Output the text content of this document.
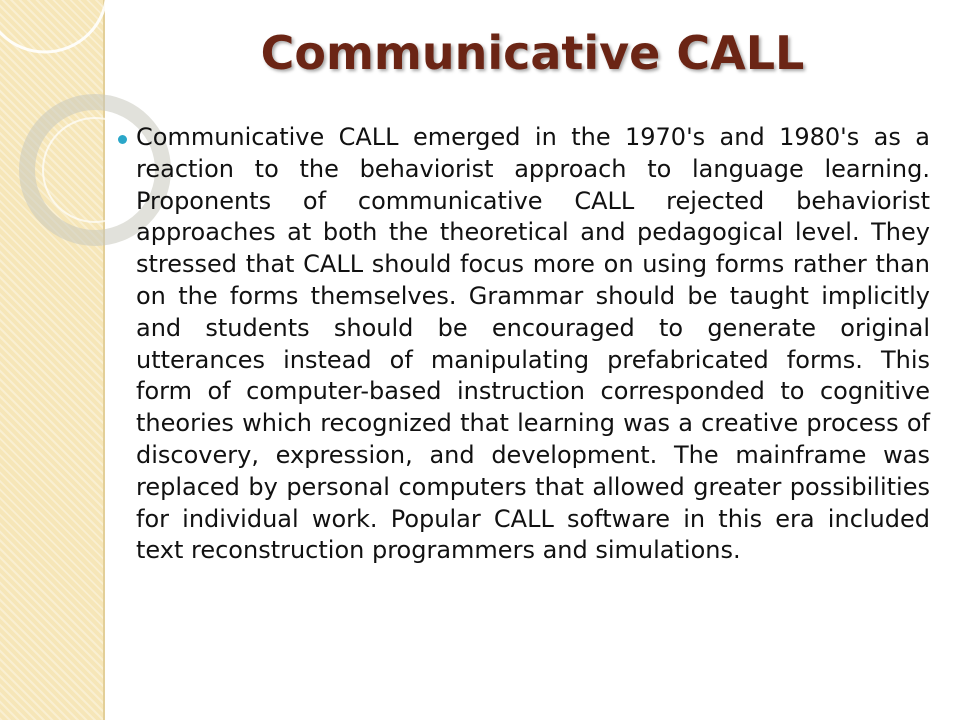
Communicative CALL
Communicative CALL emerged in the 1970's and 1980's as a reaction to the behaviorist approach to language learning. Proponents of communicative CALL rejected behaviorist approaches at both the theoretical and pedagogical level. They stressed that CALL should focus more on using forms rather than on the forms themselves. Grammar should be taught implicitly and students should be encouraged to generate original utterances instead of manipulating prefabricated forms. This form of computer-based instruction corresponded to cognitive theories which recognized that learning was a creative process of discovery, expression, and development. The mainframe was replaced by personal computers that allowed greater possibilities for individual work. Popular CALL software in this era included text reconstruction programmers and simulations.
